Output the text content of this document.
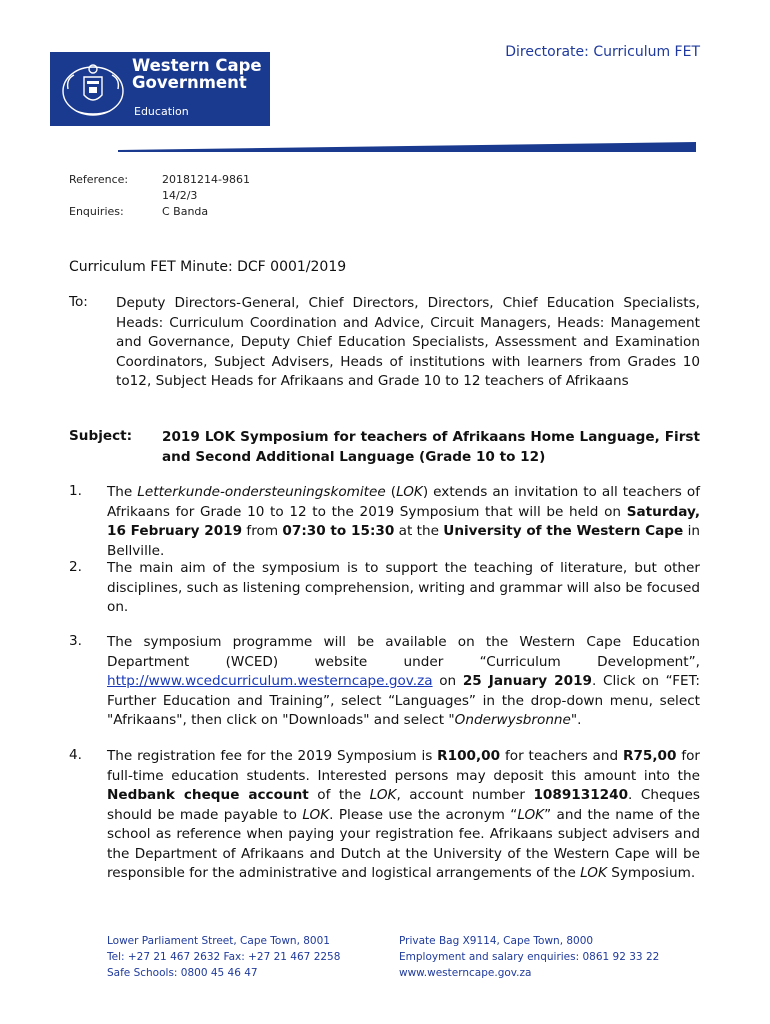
Western Cape
Government
Education
Directorate: Curriculum FET
Reference:	20181214-9861
14/2/3
Enquiries:	C Banda
Curriculum FET Minute: DCF 0001/2019
To: Deputy Directors-General, Chief Directors, Directors, Chief Education Specialists, Heads: Curriculum Coordination and Advice, Circuit Managers, Heads: Management and Governance, Deputy Chief Education Specialists, Assessment and Examination Coordinators, Subject Advisers, Heads of institutions with learners from Grades 10 to12, Subject Heads for Afrikaans and Grade 10 to 12 teachers of Afrikaans
Subject: 2019 LOK Symposium for teachers of Afrikaans Home Language, First and Second Additional Language (Grade 10 to 12)
1. The Letterkunde-ondersteuningskomitee (LOK) extends an invitation to all teachers of Afrikaans for Grade 10 to 12 to the 2019 Symposium that will be held on Saturday, 16 February 2019 from 07:30 to 15:30 at the University of the Western Cape in Bellville.
2. The main aim of the symposium is to support the teaching of literature, but other disciplines, such as listening comprehension, writing and grammar will also be focused on.
3. The symposium programme will be available on the Western Cape Education Department (WCED) website under “Curriculum Development”, http://www.wcedcurriculum.westerncape.gov.za on 25 January 2019. Click on “FET: Further Education and Training”, select “Languages” in the drop-down menu, select "Afrikaans", then click on "Downloads" and select "Onderwysbronne".
4. The registration fee for the 2019 Symposium is R100,00 for teachers and R75,00 for full-time education students. Interested persons may deposit this amount into the Nedbank cheque account of the LOK, account number 1089131240. Cheques should be made payable to LOK. Please use the acronym “LOK” and the name of the school as reference when paying your registration fee. Afrikaans subject advisers and the Department of Afrikaans and Dutch at the University of the Western Cape will be responsible for the administrative and logistical arrangements of the LOK Symposium.
Lower Parliament Street, Cape Town, 8001
Tel: +27 21 467 2632 Fax: +27 21 467 2258
Safe Schools: 0800 45 46 47
Private Bag X9114, Cape Town, 8000
Employment and salary enquiries: 0861 92 33 22
www.westerncape.gov.za
